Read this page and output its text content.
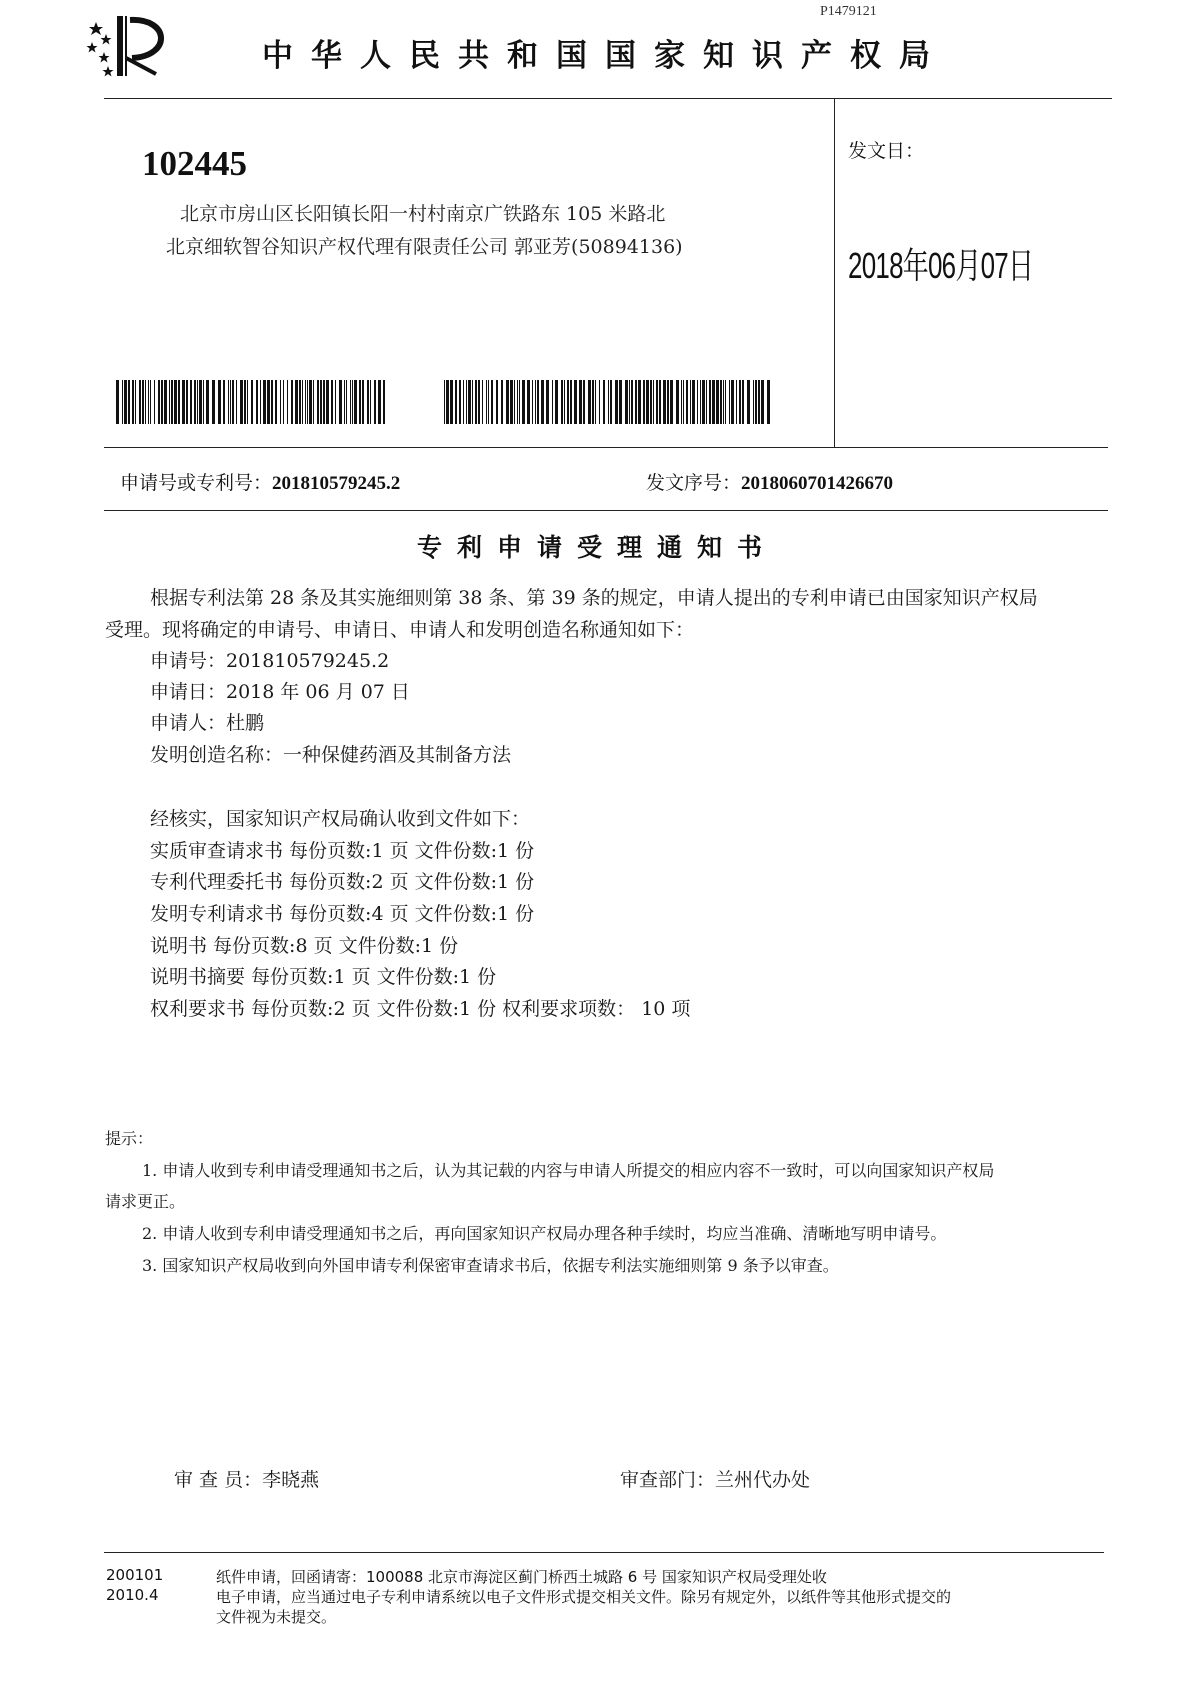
P1479121
中华人民共和国国家知识产权局
102445
北京市房山区长阳镇长阳一村村南京广铁路东 105 米路北
北京细软智谷知识产权代理有限责任公司 郭亚芳(50894136)
发文日：
2018年06月07日
申请号或专利号：201810579245.2	发文序号：2018060701426670
专利申请受理通知书
根据专利法第 28 条及其实施细则第 38 条、第 39 条的规定，申请人提出的专利申请已由国家知识产权局
受理。现将确定的申请号、申请日、申请人和发明创造名称通知如下：
申请号：201810579245.2
申请日：2018 年 06 月 07 日
申请人：杜鹏
发明创造名称：一种保健药酒及其制备方法
经核实，国家知识产权局确认收到文件如下：
实质审查请求书 每份页数:1 页 文件份数:1 份
专利代理委托书 每份页数:2 页 文件份数:1 份
发明专利请求书 每份页数:4 页 文件份数:1 份
说明书 每份页数:8 页 文件份数:1 份
说明书摘要 每份页数:1 页 文件份数:1 份
权利要求书 每份页数:2 页 文件份数:1 份 权利要求项数： 10 项
提示：
1. 申请人收到专利申请受理通知书之后，认为其记载的内容与申请人所提交的相应内容不一致时，可以向国家知识产权局
请求更正。
2. 申请人收到专利申请受理通知书之后，再向国家知识产权局办理各种手续时，均应当准确、清晰地写明申请号。
3. 国家知识产权局收到向外国申请专利保密审查请求书后，依据专利法实施细则第 9 条予以审查。
审 查 员：李晓燕	审查部门：兰州代办处
200101
2010.4
纸件申请，回函请寄：100088 北京市海淀区蓟门桥西土城路 6 号 国家知识产权局受理处收
电子申请，应当通过电子专利申请系统以电子文件形式提交相关文件。除另有规定外，以纸件等其他形式提交的
文件视为未提交。
